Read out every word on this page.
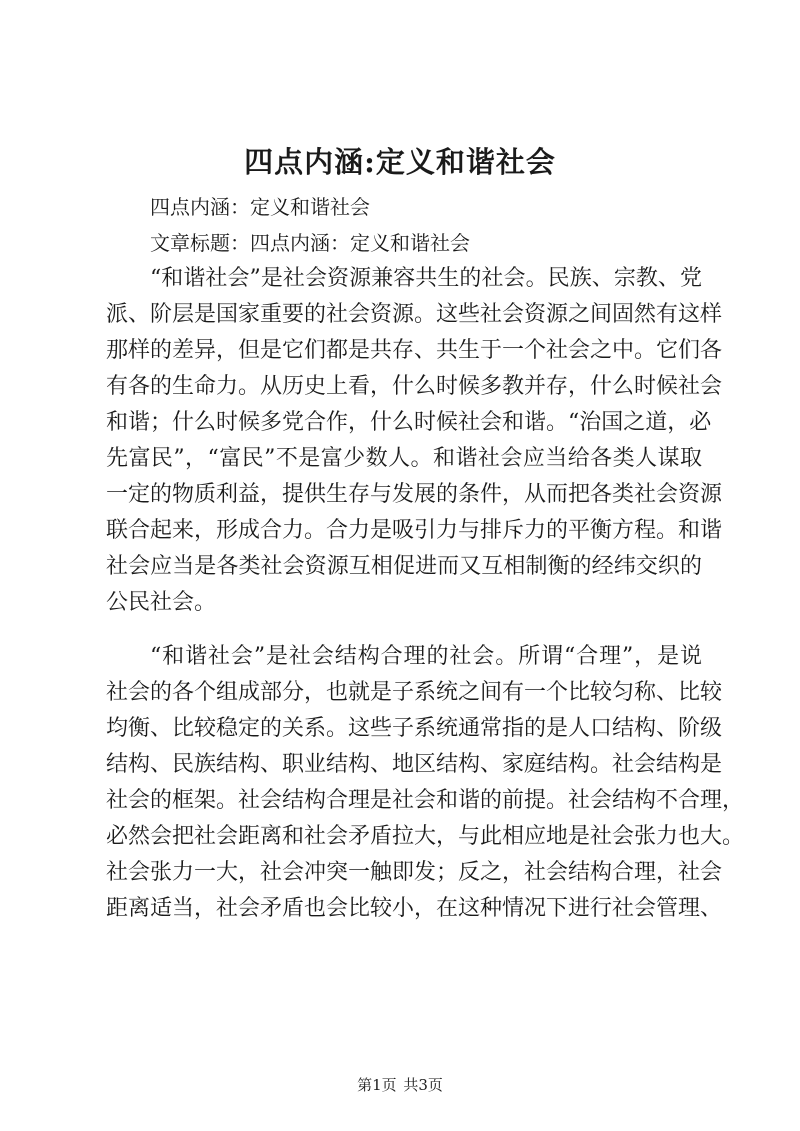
四点内涵:定义和谐社会
四点内涵：定义和谐社会
文章标题：四点内涵：定义和谐社会
“和谐社会”是社会资源兼容共生的社会。民族、宗教、党
派、阶层是国家重要的社会资源。这些社会资源之间固然有这样
那样的差异，但是它们都是共存、共生于一个社会之中。它们各
有各的生命力。从历史上看，什么时候多教并存，什么时候社会
和谐；什么时候多党合作，什么时候社会和谐。“治国之道，必
先富民”，“富民”不是富少数人。和谐社会应当给各类人谋取
一定的物质利益，提供生存与发展的条件，从而把各类社会资源
联合起来，形成合力。合力是吸引力与排斥力的平衡方程。和谐
社会应当是各类社会资源互相促进而又互相制衡的经纬交织的
公民社会。
“和谐社会”是社会结构合理的社会。所谓“合理”，是说
社会的各个组成部分，也就是子系统之间有一个比较匀称、比较
均衡、比较稳定的关系。这些子系统通常指的是人口结构、阶级
结构、民族结构、职业结构、地区结构、家庭结构。社会结构是
社会的框架。社会结构合理是社会和谐的前提。社会结构不合理，
必然会把社会距离和社会矛盾拉大，与此相应地是社会张力也大。
社会张力一大，社会冲突一触即发；反之，社会结构合理，社会
距离适当，社会矛盾也会比较小，在这种情况下进行社会管理、
第1页 共3页
